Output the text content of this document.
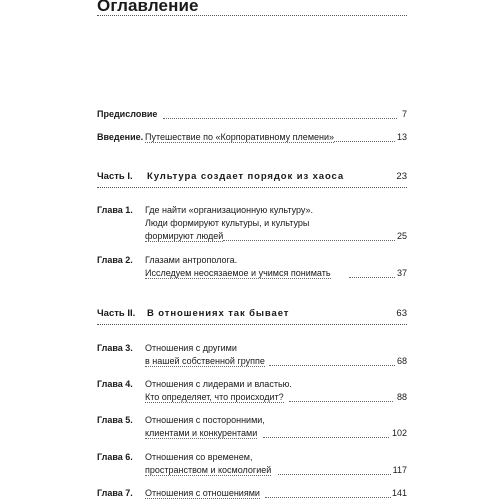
Оглавление
Предисловие	7
Введение. Путешествие по «Корпоративному племени»	13
Часть I. Культура создает порядок из хаоса	23
Глава 1. Где найти «организационную культуру».
Люди формируют культуры, и культуры
формируют людей	25
Глава 2. Глазами антрополога.
Исследуем неосязаемое и учимся понимать	37
Часть II. В отношениях так бывает	63
Глава 3. Отношения с другими
в нашей собственной группе	68
Глава 4. Отношения с лидерами и властью.
Кто определяет, что происходит?	88
Глава 5. Отношения с посторонними,
клиентами и конкурентами	102
Глава 6. Отношения со временем,
пространством и космологией	117
Глава 7. Отношения с отношениями	141
